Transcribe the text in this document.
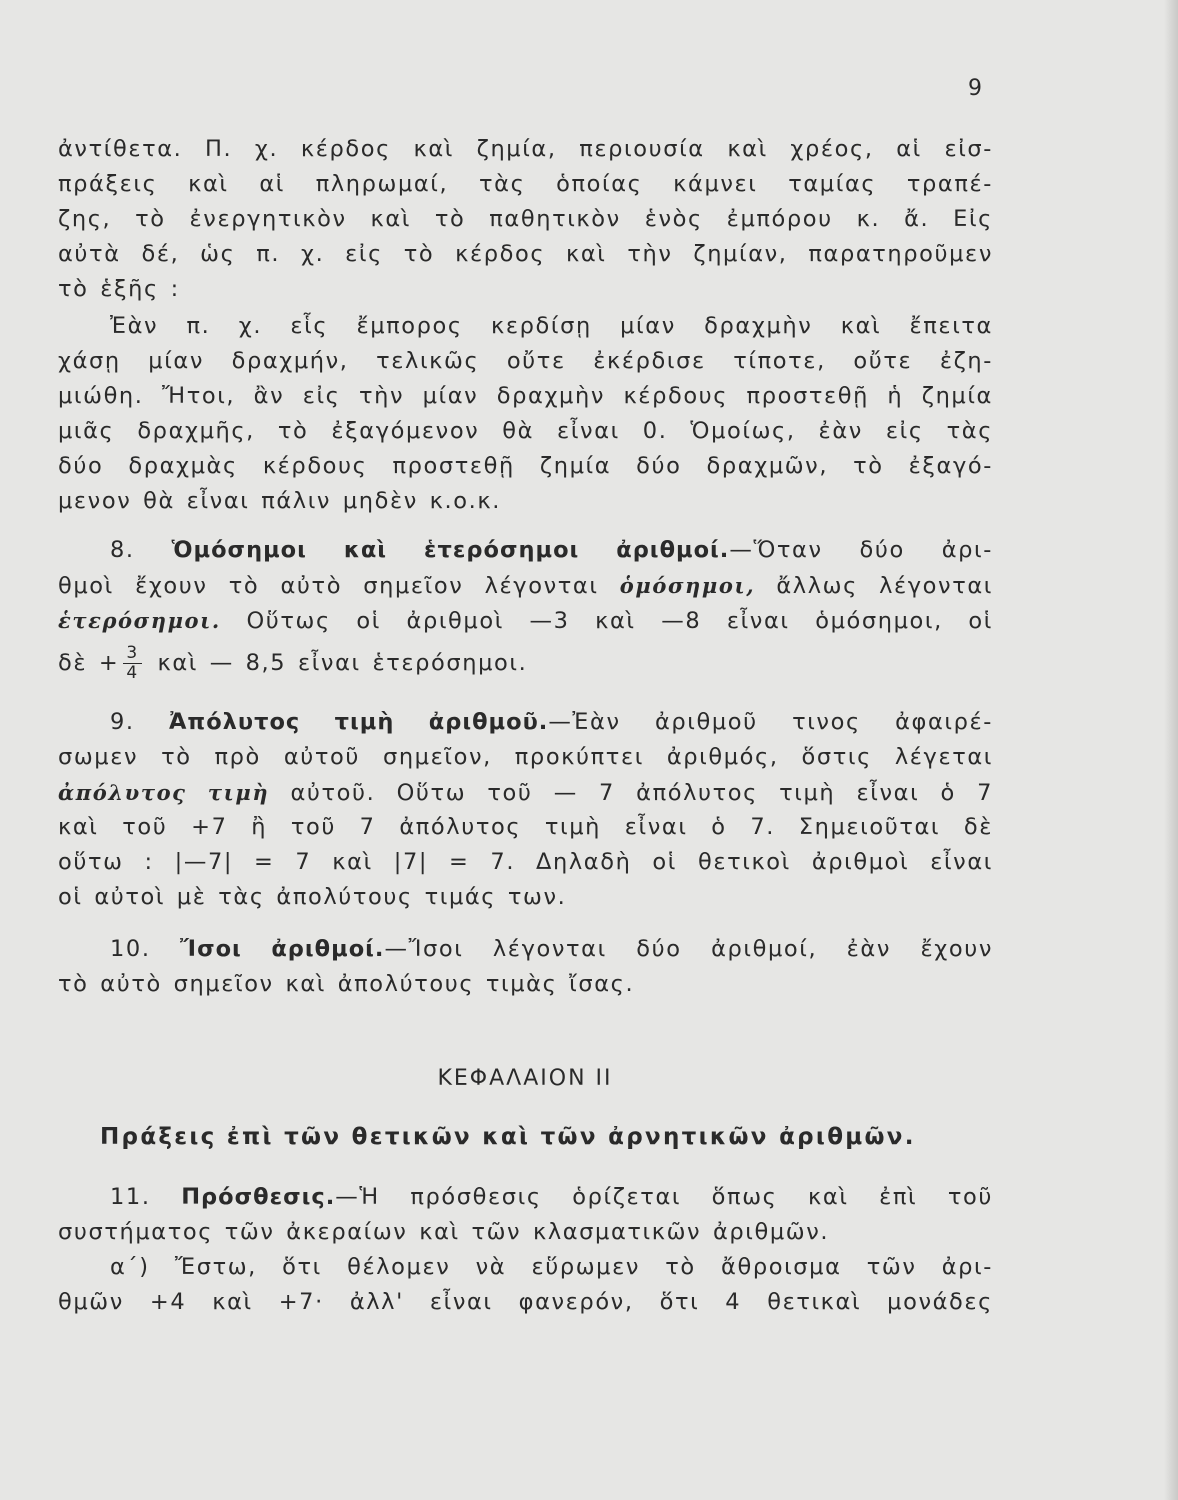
9
ἀντίθετα. Π. χ. κέρδος καὶ ζημία, περιουσία καὶ χρέος, αἱ εἰσ-
πράξεις καὶ αἱ πληρωμαί, τὰς ὁποίας κάμνει ταμίας τραπέ-
ζης, τὸ ἐνεργητικὸν καὶ τὸ παθητικὸν ἑνὸς ἐμπόρου κ. ἄ. Εἰς
αὐτὰ δέ, ὡς π. χ. εἰς τὸ κέρδος καὶ τὴν ζημίαν, παρατηροῦμεν
τὸ ἑξῆς :
Ἐὰν π. χ. εἷς ἔμπορος κερδίσῃ μίαν δραχμὴν καὶ ἔπειτα
χάσῃ μίαν δραχμήν, τελικῶς οὔτε ἐκέρδισε τίποτε, οὔτε ἐζη-
μιώθη. Ἤτοι, ἂν εἰς τὴν μίαν δραχμὴν κέρδους προστεθῇ ἡ ζημία
μιᾶς δραχμῆς, τὸ ἐξαγόμενον θὰ εἶναι 0. Ὁμοίως, ἐὰν εἰς τὰς
δύο δραχμὰς κέρδους προστεθῇ ζημία δύο δραχμῶν, τὸ ἐξαγό-
μενον θὰ εἶναι πάλιν μηδὲν κ.ο.κ.
8. Ὁμόσημοι καὶ ἑτερόσημοι ἀριθμοί.—Ὅταν δύο ἀρι-
θμοὶ ἔχουν τὸ αὐτὸ σημεῖον λέγονται ὁμόσημοι, ἄλλως λέγονται
ἑτερόσημοι. Οὕτως οἱ ἀριθμοὶ —3 καὶ —8 εἶναι ὁμόσημοι, οἱ
δὲ + $\frac{3}{4}$ καὶ — 8,5 εἶναι ἑτερόσημοι.
9. Ἀπόλυτος τιμὴ ἀριθμοῦ.—Ἐὰν ἀριθμοῦ τινος ἀφαιρέ-
σωμεν τὸ πρὸ αὐτοῦ σημεῖον, προκύπτει ἀριθμός, ὅστις λέγεται
ἀπόλυτος τιμὴ αὐτοῦ. Οὕτω τοῦ — 7 ἀπόλυτος τιμὴ εἶναι ὁ 7
καὶ τοῦ +7 ἢ τοῦ 7 ἀπόλυτος τιμὴ εἶναι ὁ 7. Σημειοῦται δὲ
οὕτω : |—7| = 7 καὶ |7| = 7. Δηλαδὴ οἱ θετικοὶ ἀριθμοὶ εἶναι
οἱ αὐτοὶ μὲ τὰς ἀπολύτους τιμάς των.
10. Ἴσοι ἀριθμοί.—Ἴσοι λέγονται δύο ἀριθμοί, ἐὰν ἔχουν
τὸ αὐτὸ σημεῖον καὶ ἀπολύτους τιμὰς ἴσας.
ΚΕΦΑΛΑΙΟΝ ΙΙ
Πράξεις ἐπὶ τῶν θετικῶν καὶ τῶν ἀρνητικῶν ἀριθμῶν.
11. Πρόσθεσις.—Ἡ πρόσθεσις ὁρίζεται ὅπως καὶ ἐπὶ τοῦ
συστήματος τῶν ἀκεραίων καὶ τῶν κλασματικῶν ἀριθμῶν.
α΄) Ἔστω, ὅτι θέλομεν νὰ εὕρωμεν τὸ ἄθροισμα τῶν ἀρι-
θμῶν +4 καὶ +7· ἀλλ' εἶναι φανερόν, ὅτι 4 θετικαὶ μονάδες
